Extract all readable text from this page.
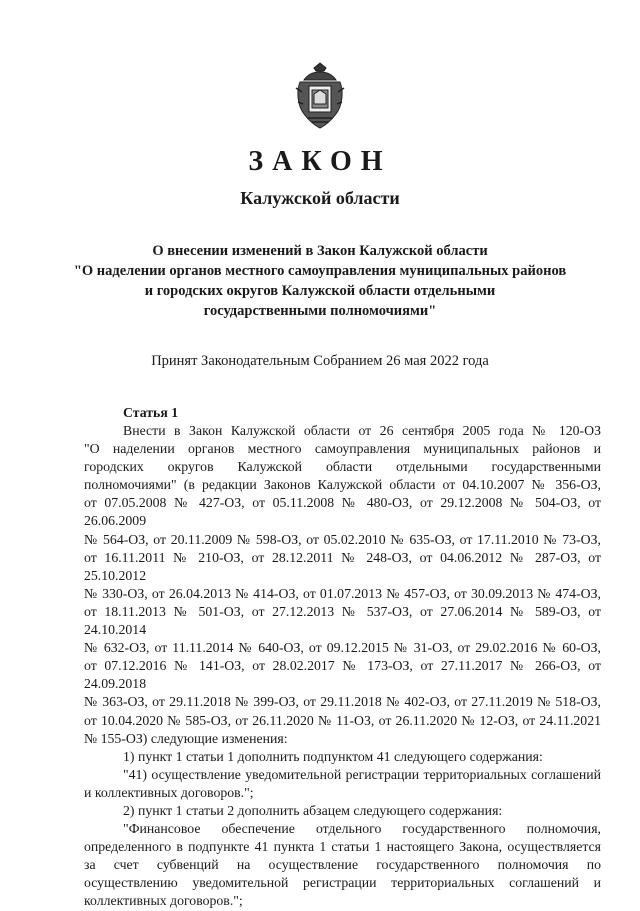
ЗАКОН
Калужской области
О внесении изменений в Закон Калужской области
"О наделении органов местного самоуправления муниципальных районов
и городских округов Калужской области отдельными
государственными полномочиями"

Принят Законодательным Собранием 26 мая 2022 года

Статья 1

Внести в Закон Калужской области от 26 сентября 2005 года № 120-ОЗ
"О наделении органов местного самоуправления муниципальных районов и
городских округов Калужской области отдельными государственными
полномочиями" (в редакции Законов Калужской области от 04.10.2007 № 356-ОЗ,
от 07.05.2008 № 427-ОЗ, от 05.11.2008 № 480-ОЗ, от 29.12.2008 № 504-ОЗ, от 26.06.2009
№ 564-ОЗ, от 20.11.2009 № 598-ОЗ, от 05.02.2010 № 635-ОЗ, от 17.11.2010 № 73-ОЗ,
от 16.11.2011 № 210-ОЗ, от 28.12.2011 № 248-ОЗ, от 04.06.2012 № 287-ОЗ, от 25.10.2012
№ 330-ОЗ, от 26.04.2013 № 414-ОЗ, от 01.07.2013 № 457-ОЗ, от 30.09.2013 № 474-ОЗ,
от 18.11.2013 № 501-ОЗ, от 27.12.2013 № 537-ОЗ, от 27.06.2014 № 589-ОЗ, от 24.10.2014
№ 632-ОЗ, от 11.11.2014 № 640-ОЗ, от 09.12.2015 № 31-ОЗ, от 29.02.2016 № 60-ОЗ,
от 07.12.2016 № 141-ОЗ, от 28.02.2017 № 173-ОЗ, от 27.11.2017 № 266-ОЗ, от 24.09.2018
№ 363-ОЗ, от 29.11.2018 № 399-ОЗ, от 29.11.2018 № 402-ОЗ, от 27.11.2019 № 518-ОЗ,
от 10.04.2020 № 585-ОЗ, от 26.11.2020 № 11-ОЗ, от 26.11.2020 № 12-ОЗ, от 24.11.2021
№ 155-ОЗ) следующие изменения:
1) пункт 1 статьи 1 дополнить подпунктом 41 следующего содержания:
"41) осуществление уведомительной регистрации территориальных соглашений
и коллективных договоров.";
2) пункт 1 статьи 2 дополнить абзацем следующего содержания:
"Финансовое обеспечение отдельного государственного полномочия,
определенного в подпункте 41 пункта 1 статьи 1 настоящего Закона, осуществляется
за счет субвенций на осуществление государственного полномочия по
осуществлению уведомительной регистрации территориальных соглашений и
коллективных договоров.";
